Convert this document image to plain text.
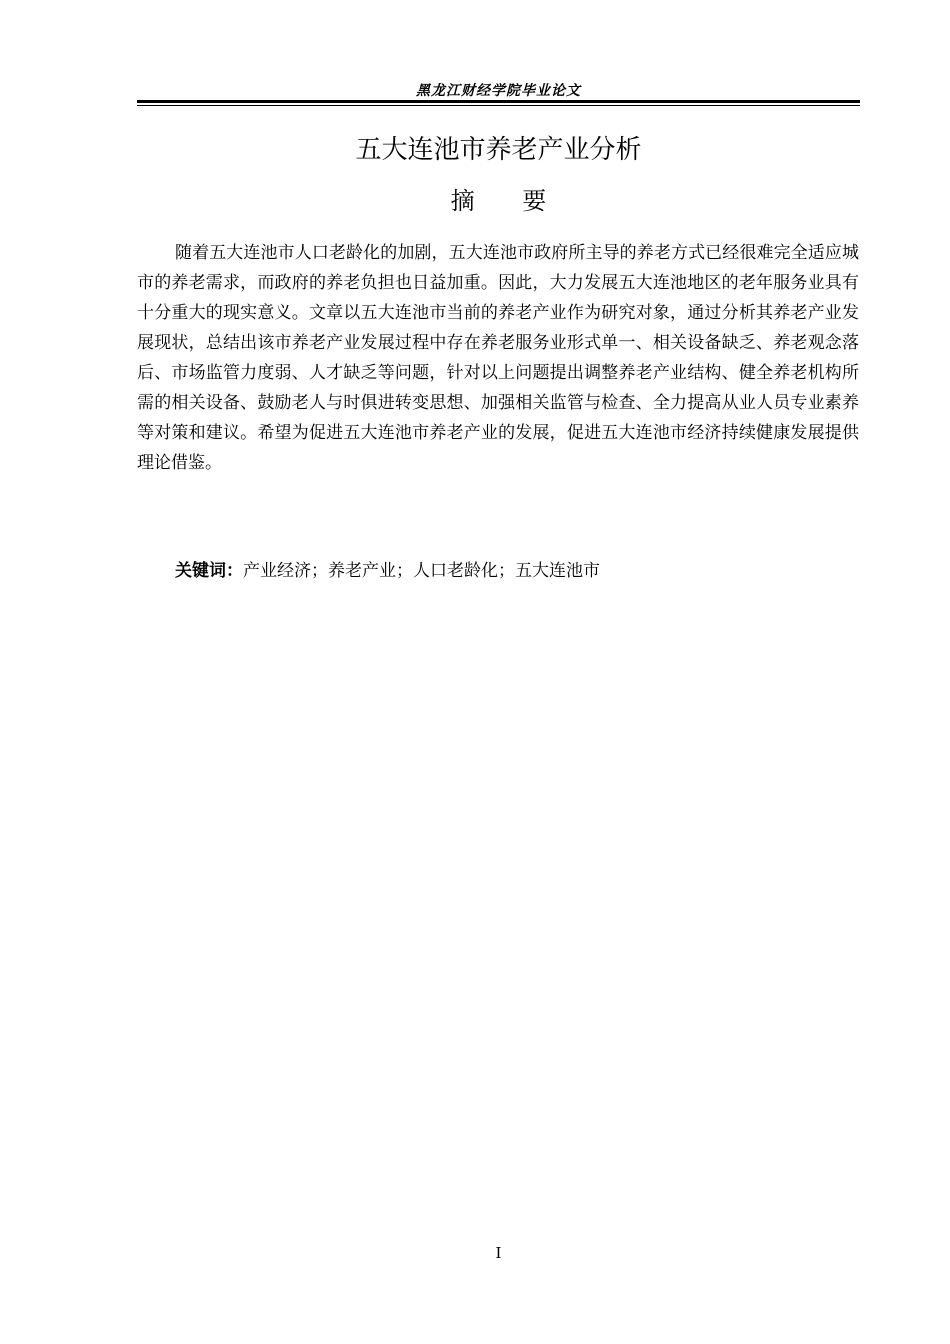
黑龙江财经学院毕业论文
五大连池市养老产业分析
摘 要

随着五大连池市人口老龄化的加剧，五大连池市政府所主导的养老方式已经很难完全适应城市的养老需求，而政府的养老负担也日益加重。因此，大力发展五大连池地区的老年服务业具有十分重大的现实意义。文章以五大连池市当前的养老产业作为研究对象，通过分析其养老产业发展现状，总结出该市养老产业发展过程中存在养老服务业形式单一、相关设备缺乏、养老观念落后、市场监管力度弱、人才缺乏等问题，针对以上问题提出调整养老产业结构、健全养老机构所需的相关设备、鼓励老人与时俱进转变思想、加强相关监管与检查、全力提高从业人员专业素养等对策和建议。希望为促进五大连池市养老产业的发展，促进五大连池市经济持续健康发展提供理论借鉴。

关键词：产业经济；养老产业；人口老龄化；五大连池市
I
